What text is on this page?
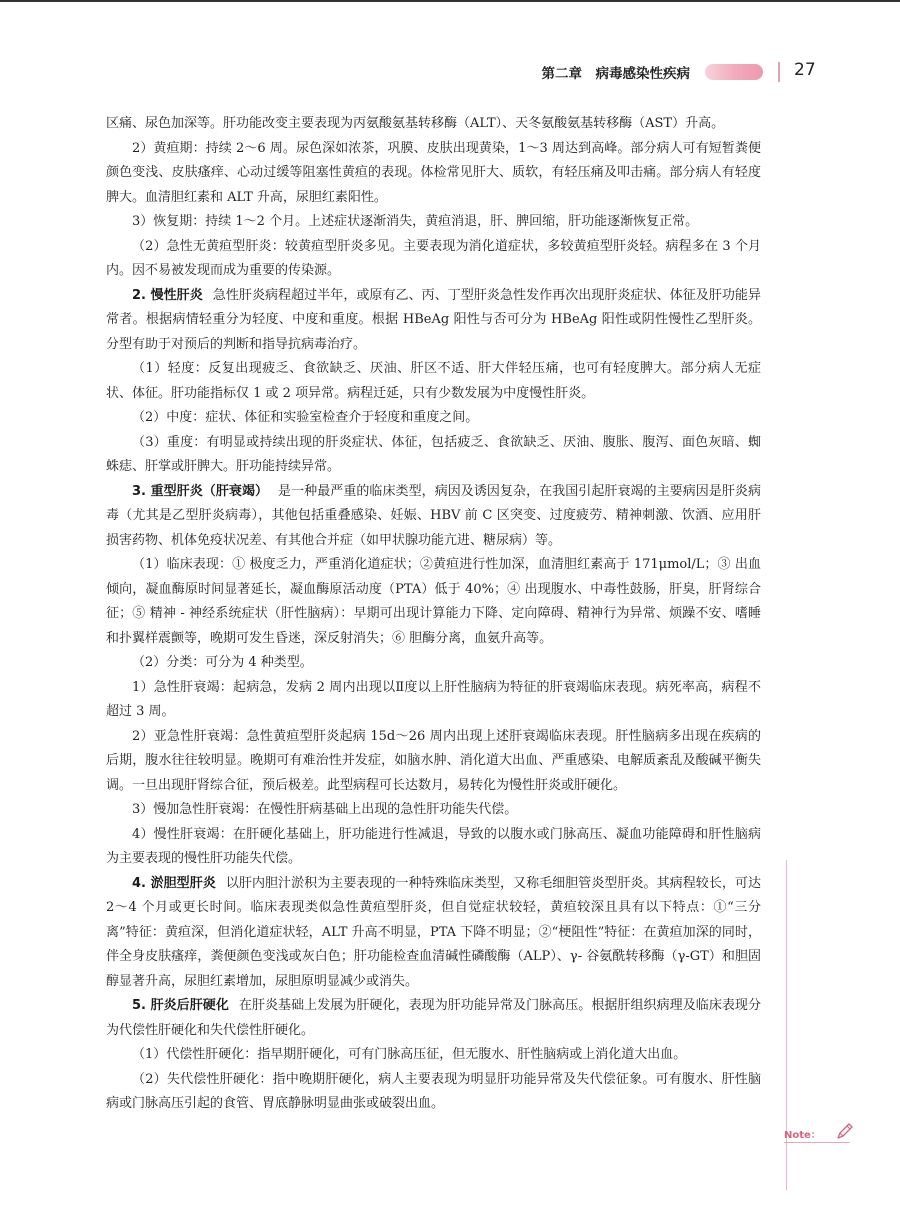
第二章　病毒感染性疾病	27

区痛、尿色加深等。肝功能改变主要表现为丙氨酸氨基转移酶（ALT）、天冬氨酸氨基转移酶（AST）升高。

2）黄疸期：持续 2～6 周。尿色深如浓茶，巩膜、皮肤出现黄染，1～3 周达到高峰。部分病人可有短暂粪便颜色变浅、皮肤瘙痒、心动过缓等阻塞性黄疸的表现。体检常见肝大、质软，有轻压痛及叩击痛。部分病人有轻度脾大。血清胆红素和 ALT 升高，尿胆红素阳性。

3）恢复期：持续 1～2 个月。上述症状逐渐消失，黄疸消退，肝、脾回缩，肝功能逐渐恢复正常。

（2）急性无黄疸型肝炎：较黄疸型肝炎多见。主要表现为消化道症状，多较黄疸型肝炎轻。病程多在 3 个月内。因不易被发现而成为重要的传染源。

2. 慢性肝炎 急性肝炎病程超过半年，或原有乙、丙、丁型肝炎急性发作再次出现肝炎症状、体征及肝功能异常者。根据病情轻重分为轻度、中度和重度。根据 HBeAg 阳性与否可分为 HBeAg 阳性或阴性慢性乙型肝炎。分型有助于对预后的判断和指导抗病毒治疗。

（1）轻度：反复出现疲乏、食欲缺乏、厌油、肝区不适、肝大伴轻压痛，也可有轻度脾大。部分病人无症状、体征。肝功能指标仅 1 或 2 项异常。病程迁延，只有少数发展为中度慢性肝炎。

（2）中度：症状、体征和实验室检查介于轻度和重度之间。

（3）重度：有明显或持续出现的肝炎症状、体征，包括疲乏、食欲缺乏、厌油、腹胀、腹泻、面色灰暗、蜘蛛痣、肝掌或肝脾大。肝功能持续异常。

3. 重型肝炎（肝衰竭） 是一种最严重的临床类型，病因及诱因复杂，在我国引起肝衰竭的主要病因是肝炎病毒（尤其是乙型肝炎病毒），其他包括重叠感染、妊娠、HBV 前 C 区突变、过度疲劳、精神刺激、饮酒、应用肝损害药物、机体免疫状况差、有其他合并症（如甲状腺功能亢进、糖尿病）等。

（1）临床表现：① 极度乏力，严重消化道症状；②黄疸进行性加深，血清胆红素高于 171μmol/L；③ 出血倾向，凝血酶原时间显著延长，凝血酶原活动度（PTA）低于 40%；④ 出现腹水、中毒性鼓肠，肝臭，肝肾综合征；⑤ 精神 - 神经系统症状（肝性脑病）：早期可出现计算能力下降、定向障碍、精神行为异常、烦躁不安、嗜睡和扑翼样震颤等，晚期可发生昏迷，深反射消失；⑥ 胆酶分离，血氨升高等。

（2）分类：可分为 4 种类型。

1）急性肝衰竭：起病急，发病 2 周内出现以Ⅱ度以上肝性脑病为特征的肝衰竭临床表现。病死率高，病程不超过 3 周。

2）亚急性肝衰竭：急性黄疸型肝炎起病 15d～26 周内出现上述肝衰竭临床表现。肝性脑病多出现在疾病的后期，腹水往往较明显。晚期可有难治性并发症，如脑水肿、消化道大出血、严重感染、电解质紊乱及酸碱平衡失调。一旦出现肝肾综合征，预后极差。此型病程可长达数月，易转化为慢性肝炎或肝硬化。

3）慢加急性肝衰竭：在慢性肝病基础上出现的急性肝功能失代偿。

4）慢性肝衰竭：在肝硬化基础上，肝功能进行性减退，导致的以腹水或门脉高压、凝血功能障碍和肝性脑病为主要表现的慢性肝功能失代偿。

4. 淤胆型肝炎 以肝内胆汁淤积为主要表现的一种特殊临床类型，又称毛细胆管炎型肝炎。其病程较长，可达 2～4 个月或更长时间。临床表现类似急性黄疸型肝炎，但自觉症状较轻，黄疸较深且具有以下特点：①“三分离”特征：黄疸深，但消化道症状轻，ALT 升高不明显，PTA 下降不明显；②“梗阻性”特征：在黄疸加深的同时，伴全身皮肤瘙痒，粪便颜色变浅或灰白色；肝功能检查血清碱性磷酸酶（ALP）、γ- 谷氨酰转移酶（γ-GT）和胆固醇显著升高，尿胆红素增加，尿胆原明显减少或消失。

5. 肝炎后肝硬化 在肝炎基础上发展为肝硬化，表现为肝功能异常及门脉高压。根据肝组织病理及临床表现分为代偿性肝硬化和失代偿性肝硬化。

（1）代偿性肝硬化：指早期肝硬化，可有门脉高压征，但无腹水、肝性脑病或上消化道大出血。

（2）失代偿性肝硬化：指中晚期肝硬化，病人主要表现为明显肝功能异常及失代偿征象。可有腹水、肝性脑病或门脉高压引起的食管、胃底静脉明显曲张或破裂出血。

Note：
